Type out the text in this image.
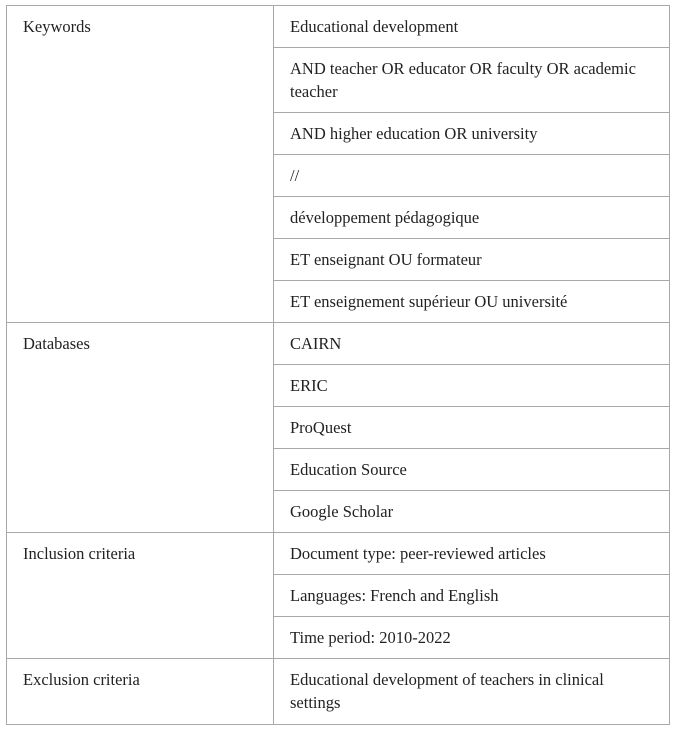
Keywords	Educational development
	AND teacher OR educator OR faculty OR academic teacher
	AND higher education OR university
	//
	développement pédagogique
	ET enseignant OU formateur
	ET enseignement supérieur OU université
Databases	CAIRN
	ERIC
	ProQuest
	Education Source
	Google Scholar
Inclusion criteria	Document type: peer-reviewed articles
	Languages: French and English
	Time period: 2010-2022
Exclusion criteria	Educational development of teachers in clinical settings
